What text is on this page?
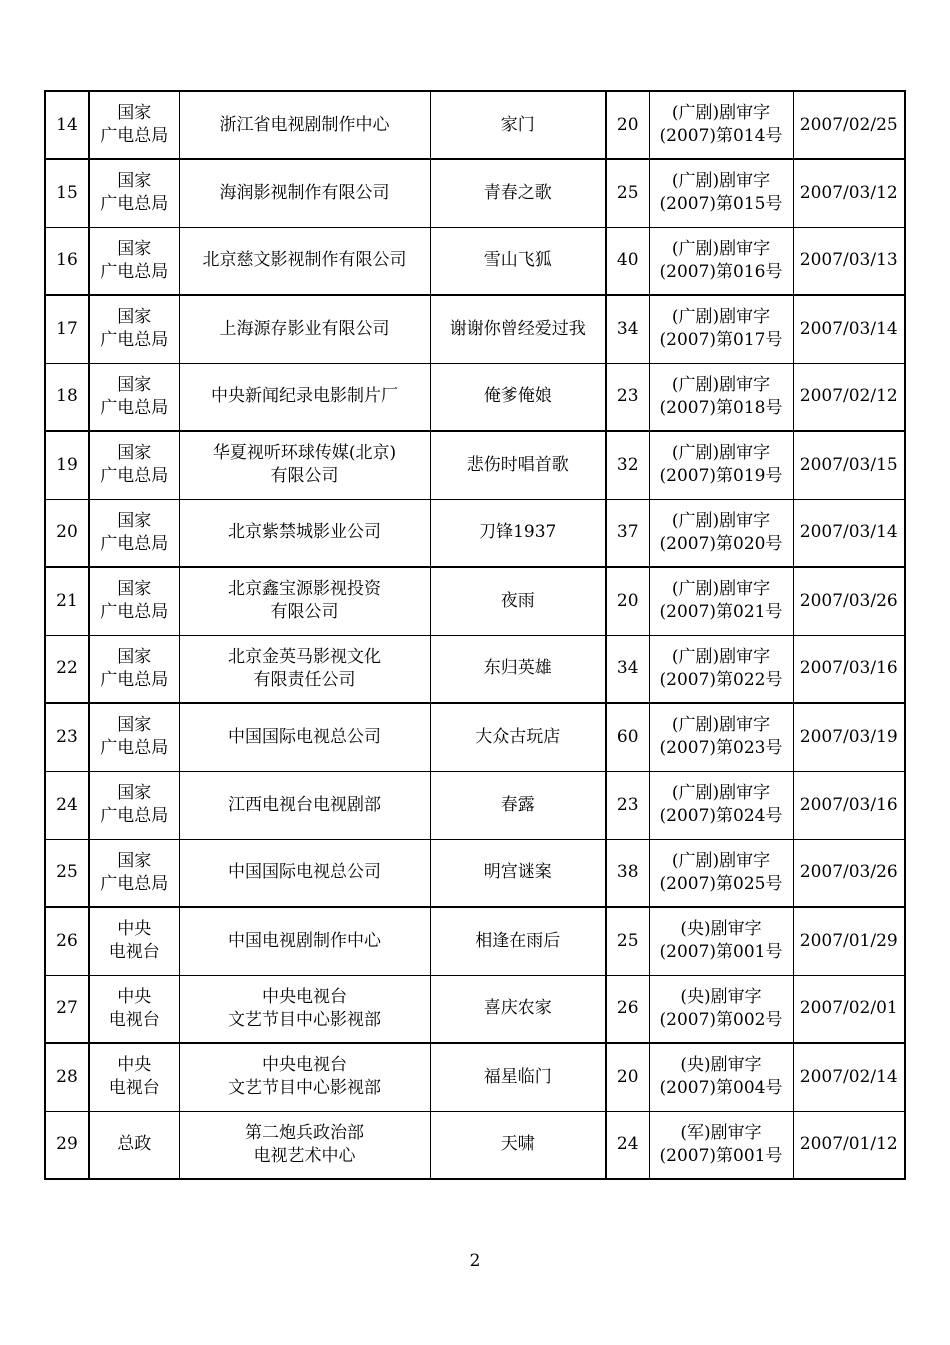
14	国家
广电总局	浙江省电视剧制作中心	家门	20	(广剧)剧审字
(2007)第014号	2007/02/25
15	国家
广电总局	海润影视制作有限公司	青春之歌	25	(广剧)剧审字
(2007)第015号	2007/03/12
16	国家
广电总局	北京慈文影视制作有限公司	雪山飞狐	40	(广剧)剧审字
(2007)第016号	2007/03/13
17	国家
广电总局	上海源存影业有限公司	谢谢你曾经爱过我	34	(广剧)剧审字
(2007)第017号	2007/03/14
18	国家
广电总局	中央新闻纪录电影制片厂	俺爹俺娘	23	(广剧)剧审字
(2007)第018号	2007/02/12
19	国家
广电总局	华夏视听环球传媒(北京)
有限公司	悲伤时唱首歌	32	(广剧)剧审字
(2007)第019号	2007/03/15
20	国家
广电总局	北京紫禁城影业公司	刀锋1937	37	(广剧)剧审字
(2007)第020号	2007/03/14
21	国家
广电总局	北京鑫宝源影视投资
有限公司	夜雨	20	(广剧)剧审字
(2007)第021号	2007/03/26
22	国家
广电总局	北京金英马影视文化
有限责任公司	东归英雄	34	(广剧)剧审字
(2007)第022号	2007/03/16
23	国家
广电总局	中国国际电视总公司	大众古玩店	60	(广剧)剧审字
(2007)第023号	2007/03/19
24	国家
广电总局	江西电视台电视剧部	春露	23	(广剧)剧审字
(2007)第024号	2007/03/16
25	国家
广电总局	中国国际电视总公司	明宫谜案	38	(广剧)剧审字
(2007)第025号	2007/03/26
26	中央
电视台	中国电视剧制作中心	相逢在雨后	25	(央)剧审字
(2007)第001号	2007/01/29
27	中央
电视台	中央电视台
文艺节目中心影视部	喜庆农家	26	(央)剧审字
(2007)第002号	2007/02/01
28	中央
电视台	中央电视台
文艺节目中心影视部	福星临门	20	(央)剧审字
(2007)第004号	2007/02/14
29	总政	第二炮兵政治部
电视艺术中心	天啸	24	(军)剧审字
(2007)第001号	2007/01/12
2
